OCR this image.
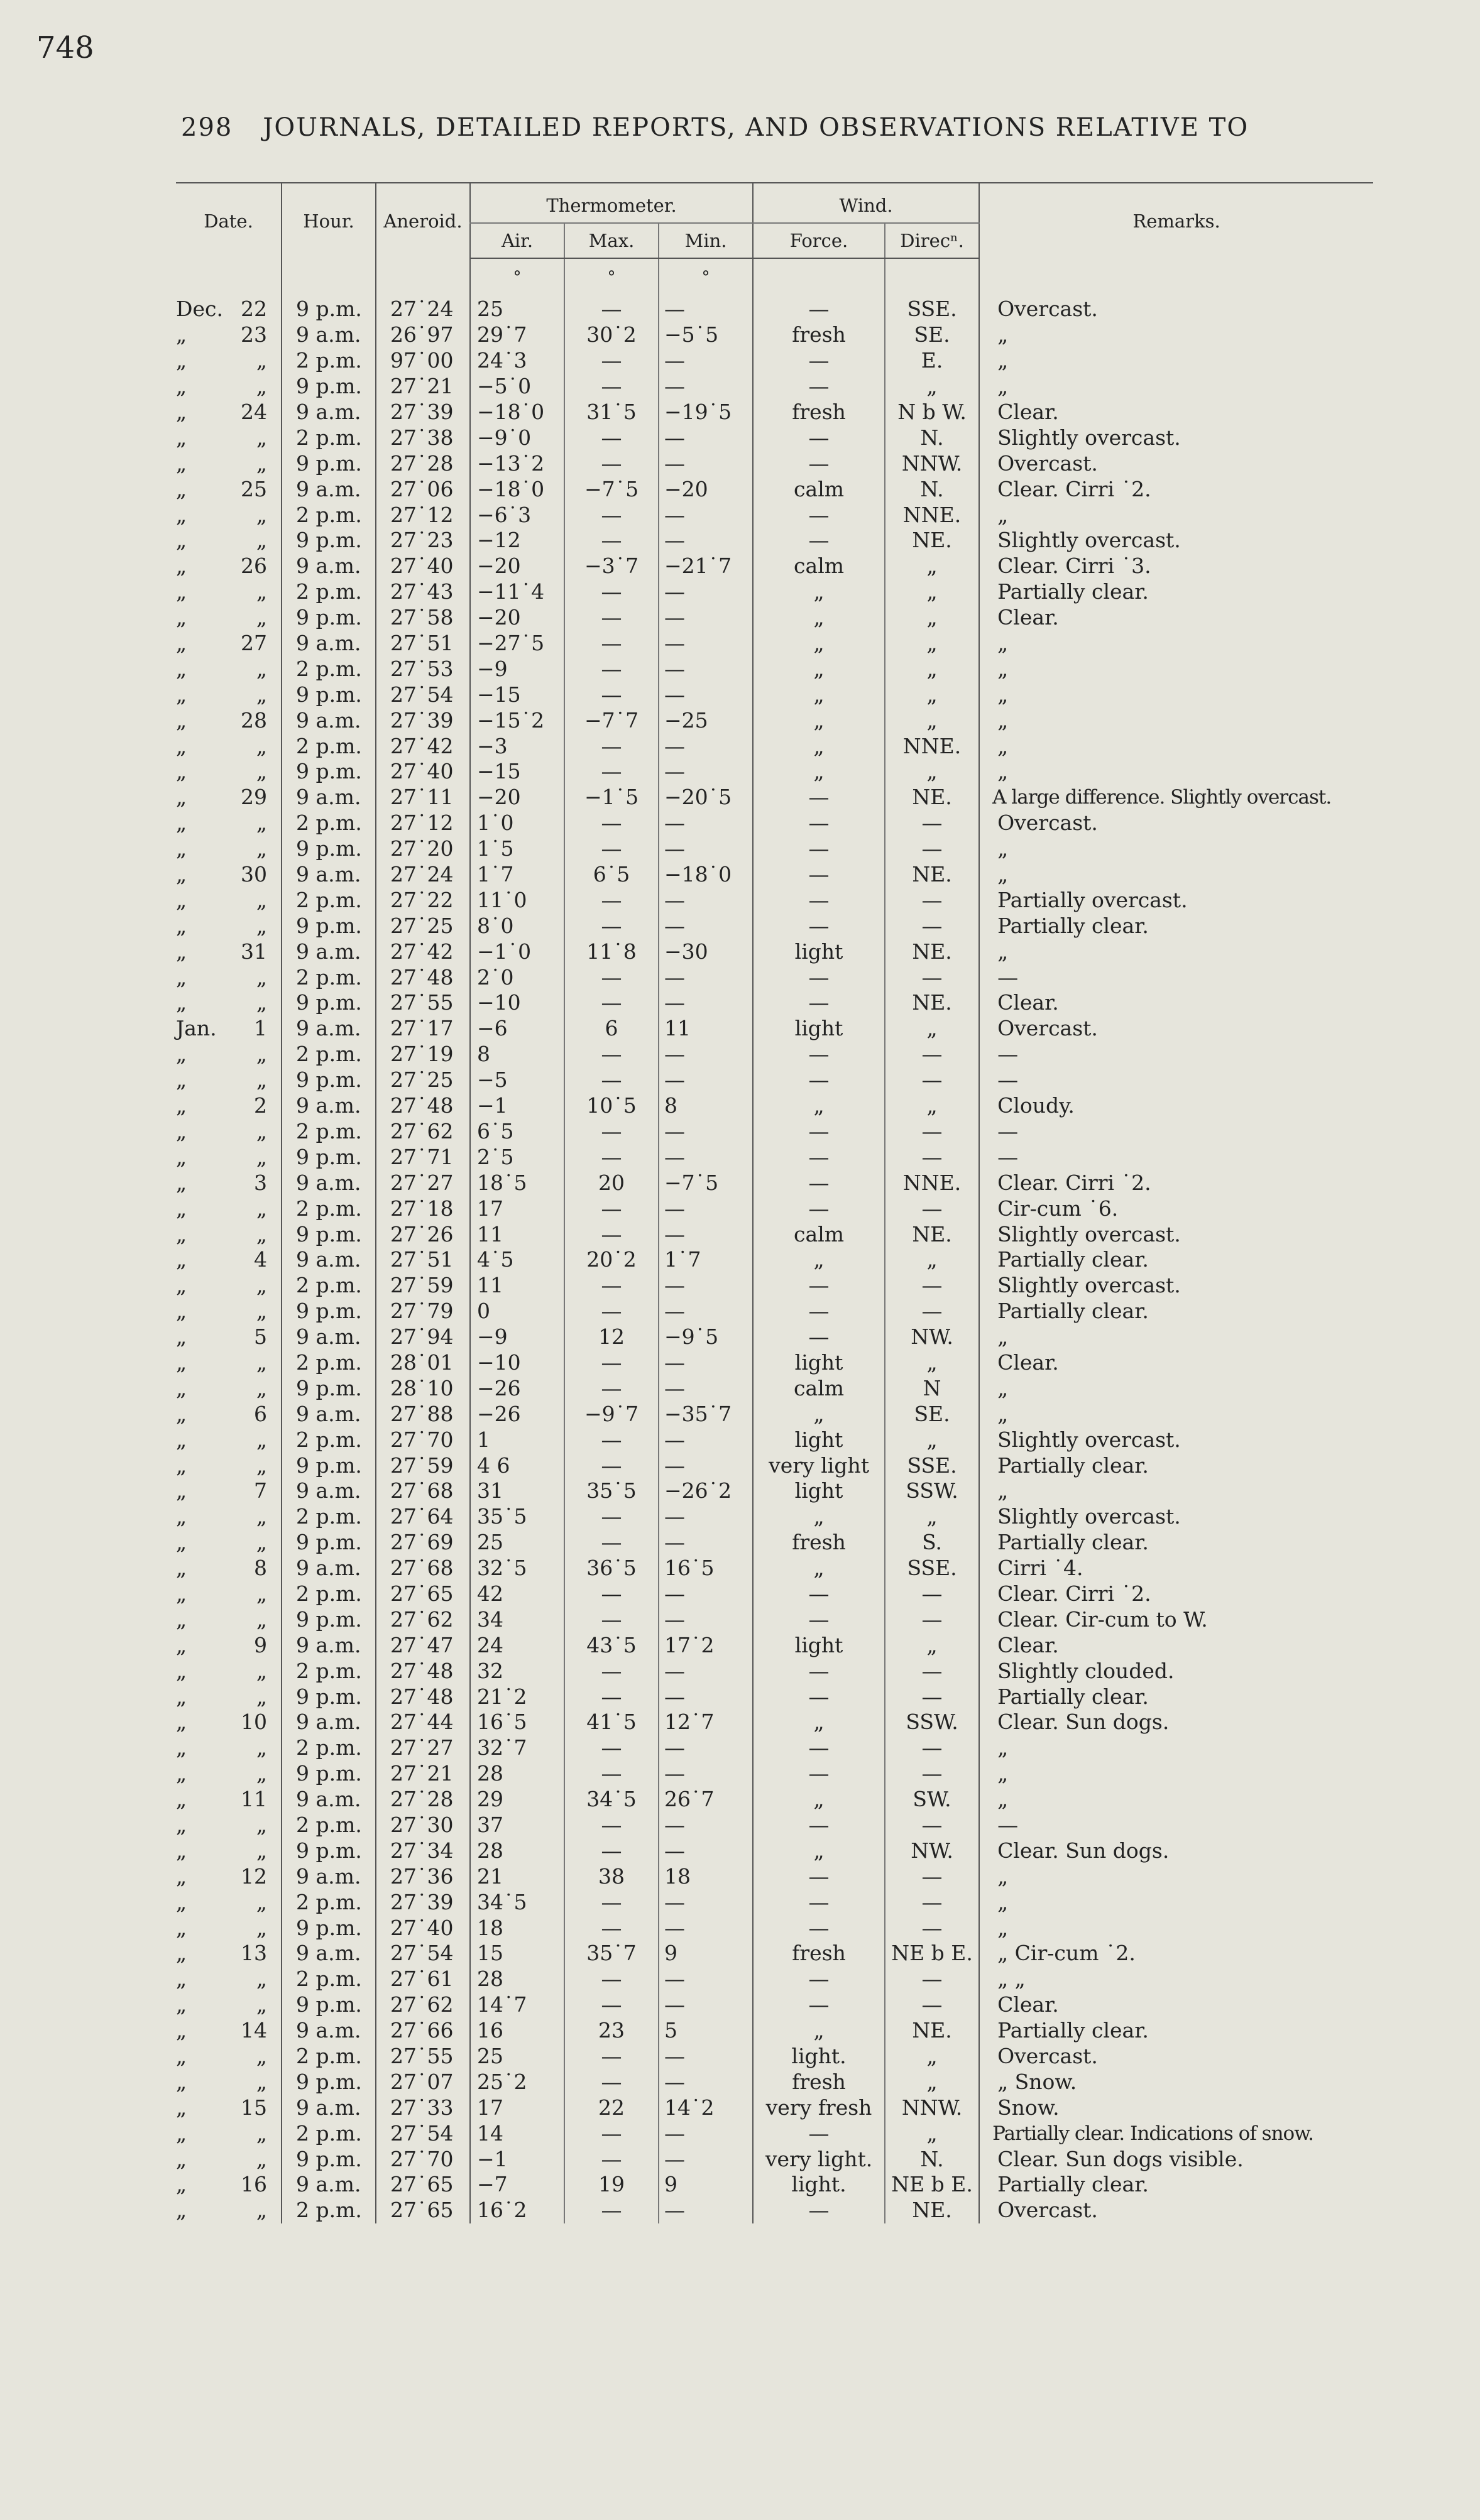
748
298 JOURNALS, DETAILED REPORTS, AND OBSERVATIONS RELATIVE TO
Date.		Hour.	Aneroid.	Thermometer.			Wind.		Remarks.
				Air.	Max.	Min.	Force.	Direcⁿ.	
				°	°	°			
Dec.	22	9 p.m.	27˙24	25	—	—	—	SSE.	Overcast.
„	23	9 a.m.	26˙97	29˙7	30˙2	−5˙5	fresh	SE.	„
„	„	2 p.m.	97˙00	24˙3	—	—	—	E.	„
„	„	9 p.m.	27˙21	−5˙0	—	—	—	„	„
„	24	9 a.m.	27˙39	−18˙0	31˙5	−19˙5	fresh	N b W.	Clear.
„	„	2 p.m.	27˙38	−9˙0	—	—	—	N.	Slightly overcast.
„	„	9 p.m.	27˙28	−13˙2	—	—	—	NNW.	Overcast.
„	25	9 a.m.	27˙06	−18˙0	−7˙5	−20	calm	N.	Clear. Cirri ˙2.
„	„	2 p.m.	27˙12	−6˙3	—	—	—	NNE.	„
„	„	9 p.m.	27˙23	−12	—	—	—	NE.	Slightly overcast.
„	26	9 a.m.	27˙40	−20	−3˙7	−21˙7	calm	„	Clear. Cirri ˙3.
„	„	2 p.m.	27˙43	−11˙4	—	—	„	„	Partially clear.
„	„	9 p.m.	27˙58	−20	—	—	„	„	Clear.
„	27	9 a.m.	27˙51	−27˙5	—	—	„	„	„
„	„	2 p.m.	27˙53	−9	—	—	„	„	„
„	„	9 p.m.	27˙54	−15	—	—	„	„	„
„	28	9 a.m.	27˙39	−15˙2	−7˙7	−25	„	„	„
„	„	2 p.m.	27˙42	−3	—	—	„	NNE.	„
„	„	9 p.m.	27˙40	−15	—	—	„	„	„
„	29	9 a.m.	27˙11	−20	−1˙5	−20˙5	—	NE.	A large difference. Slightly overcast.
„	„	2 p.m.	27˙12	1˙0	—	—	—	—	Overcast.
„	„	9 p.m.	27˙20	1˙5	—	—	—	—	„
„	30	9 a.m.	27˙24	1˙7	6˙5	−18˙0	—	NE.	„
„	„	2 p.m.	27˙22	11˙0	—	—	—	—	Partially overcast.
„	„	9 p.m.	27˙25	8˙0	—	—	—	—	Partially clear.
„	31	9 a.m.	27˙42	−1˙0	11˙8	−30	light	NE.	„
„	„	2 p.m.	27˙48	2˙0	—	—	—	—	—
„	„	9 p.m.	27˙55	−10	—	—	—	NE.	Clear.
Jan.	1	9 a.m.	27˙17	−6	6	11	light	„	Overcast.
„	„	2 p.m.	27˙19	8	—	—	—	—	—
„	„	9 p.m.	27˙25	−5	—	—	—	—	—
„	2	9 a.m.	27˙48	−1	10˙5	8	„	„	Cloudy.
„	„	2 p.m.	27˙62	6˙5	—	—	—	—	—
„	„	9 p.m.	27˙71	2˙5	—	—	—	—	—
„	3	9 a.m.	27˙27	18˙5	20	−7˙5	—	NNE.	Clear. Cirri ˙2.
„	„	2 p.m.	27˙18	17	—	—	—	—	Cir-cum ˙6.
„	„	9 p.m.	27˙26	11	—	—	calm	NE.	Slightly overcast.
„	4	9 a.m.	27˙51	4˙5	20˙2	1˙7	„	„	Partially clear.
„	„	2 p.m.	27˙59	11	—	—	—	—	Slightly overcast.
„	„	9 p.m.	27˙79	0	—	—	—	—	Partially clear.
„	5	9 a.m.	27˙94	−9	12	−9˙5	—	NW.	„
„	„	2 p.m.	28˙01	−10	—	—	light	„	Clear.
„	„	9 p.m.	28˙10	−26	—	—	calm	N	„
„	6	9 a.m.	27˙88	−26	−9˙7	−35˙7	„	SE.	„
„	„	2 p.m.	27˙70	1	—	—	light	„	Slightly overcast.
„	„	9 p.m.	27˙59	4 6	—	—	very light	SSE.	Partially clear.
„	7	9 a.m.	27˙68	31	35˙5	−26˙2	light	SSW.	„
„	„	2 p.m.	27˙64	35˙5	—	—	„	„	Slightly overcast.
„	„	9 p.m.	27˙69	25	—	—	fresh	S.	Partially clear.
„	8	9 a.m.	27˙68	32˙5	36˙5	16˙5	„	SSE.	Cirri ˙4.
„	„	2 p.m.	27˙65	42	—	—	—	—	Clear. Cirri ˙2.
„	„	9 p.m.	27˙62	34	—	—	—	—	Clear. Cir-cum to W.
„	9	9 a.m.	27˙47	24	43˙5	17˙2	light	„	Clear.
„	„	2 p.m.	27˙48	32	—	—	—	—	Slightly clouded.
„	„	9 p.m.	27˙48	21˙2	—	—	—	—	Partially clear.
„	10	9 a.m.	27˙44	16˙5	41˙5	12˙7	„	SSW.	Clear. Sun dogs.
„	„	2 p.m.	27˙27	32˙7	—	—	—	—	„
„	„	9 p.m.	27˙21	28	—	—	—	—	„
„	11	9 a.m.	27˙28	29	34˙5	26˙7	„	SW.	„
„	„	2 p.m.	27˙30	37	—	—	—	—	—
„	„	9 p.m.	27˙34	28	—	—	„	NW.	Clear. Sun dogs.
„	12	9 a.m.	27˙36	21	38	18	—	—	„
„	„	2 p.m.	27˙39	34˙5	—	—	—	—	„
„	„	9 p.m.	27˙40	18	—	—	—	—	„
„	13	9 a.m.	27˙54	15	35˙7	9	fresh	NE b E.	„ Cir-cum ˙2.
„	„	2 p.m.	27˙61	28	—	—	—	—	„ „
„	„	9 p.m.	27˙62	14˙7	—	—	—	—	Clear.
„	14	9 a.m.	27˙66	16	23	5	„	NE.	Partially clear.
„	„	2 p.m.	27˙55	25	—	—	light.	„	Overcast.
„	„	9 p.m.	27˙07	25˙2	—	—	fresh	„	„ Snow.
„	15	9 a.m.	27˙33	17	22	14˙2	very fresh	NNW.	Snow.
„	„	2 p.m.	27˙54	14	—	—	—	„	Partially clear. Indications of snow.
„	„	9 p.m.	27˙70	−1	—	—	very light.	N.	Clear. Sun dogs visible.
„	16	9 a.m.	27˙65	−7	19	9	light.	NE b E.	Partially clear.
„	„	2 p.m.	27˙65	16˙2	—	—	—	NE.	Overcast.
